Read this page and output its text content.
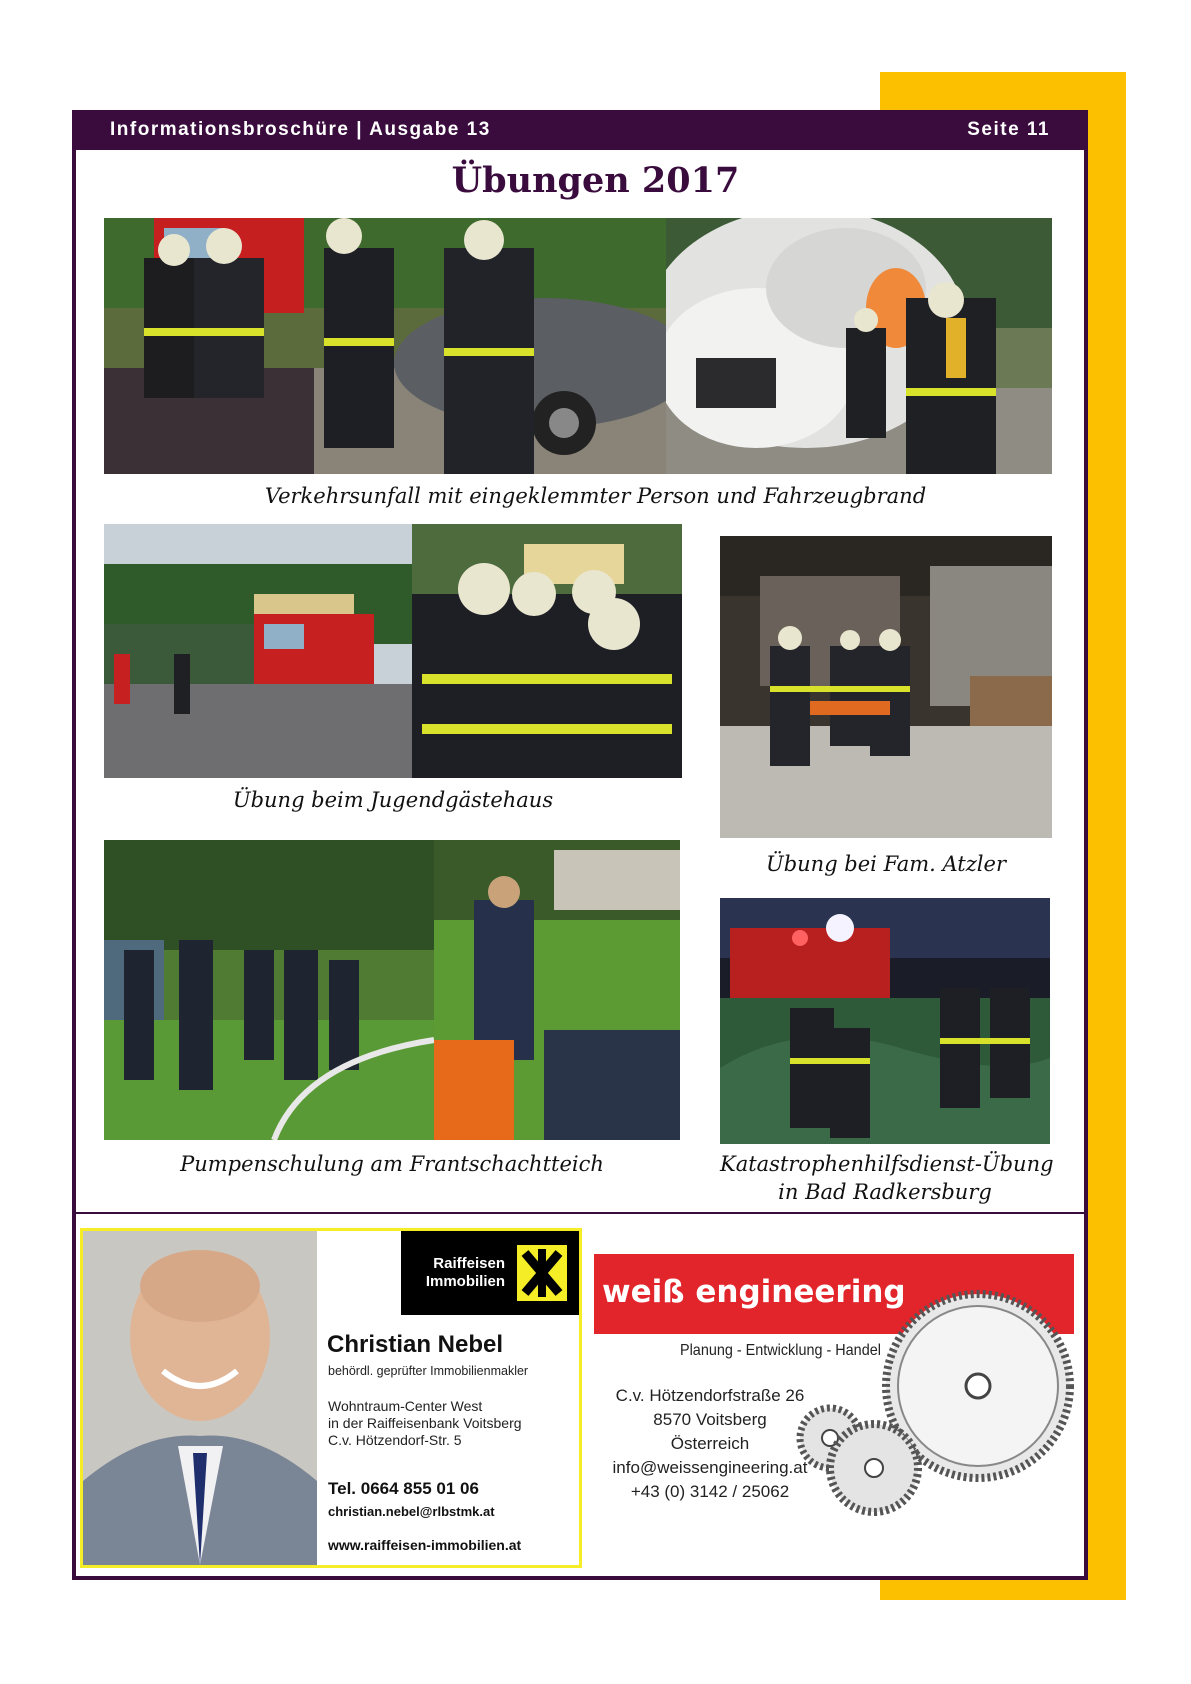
Informationsbroschüre | Ausgabe 13	Seite 11
Übungen 2017
Verkehrsunfall mit eingeklemmter Person und Fahrzeugbrand
Übung beim Jugendgästehaus
Übung bei Fam. Atzler
Pumpenschulung am Frantschachtteich	Katastrophenhilfsdienst-Übung
in Bad Radkersburg
Raiffeisen
Immobilien
Christian Nebel
behördl. geprüfter Immobilienmakler
Wohntraum-Center West
in der Raiffeisenbank Voitsberg
C.v. Hötzendorf-Str. 5
Tel. 0664 855 01 06
christian.nebel@rlbstmk.at
www.raiffeisen-immobilien.at
weiß engineering
Planung - Entwicklung - Handel
C.v. Hötzendorfstraße 26
8570 Voitsberg
Österreich
info@weissengineering.at
+43 (0) 3142 / 25062
